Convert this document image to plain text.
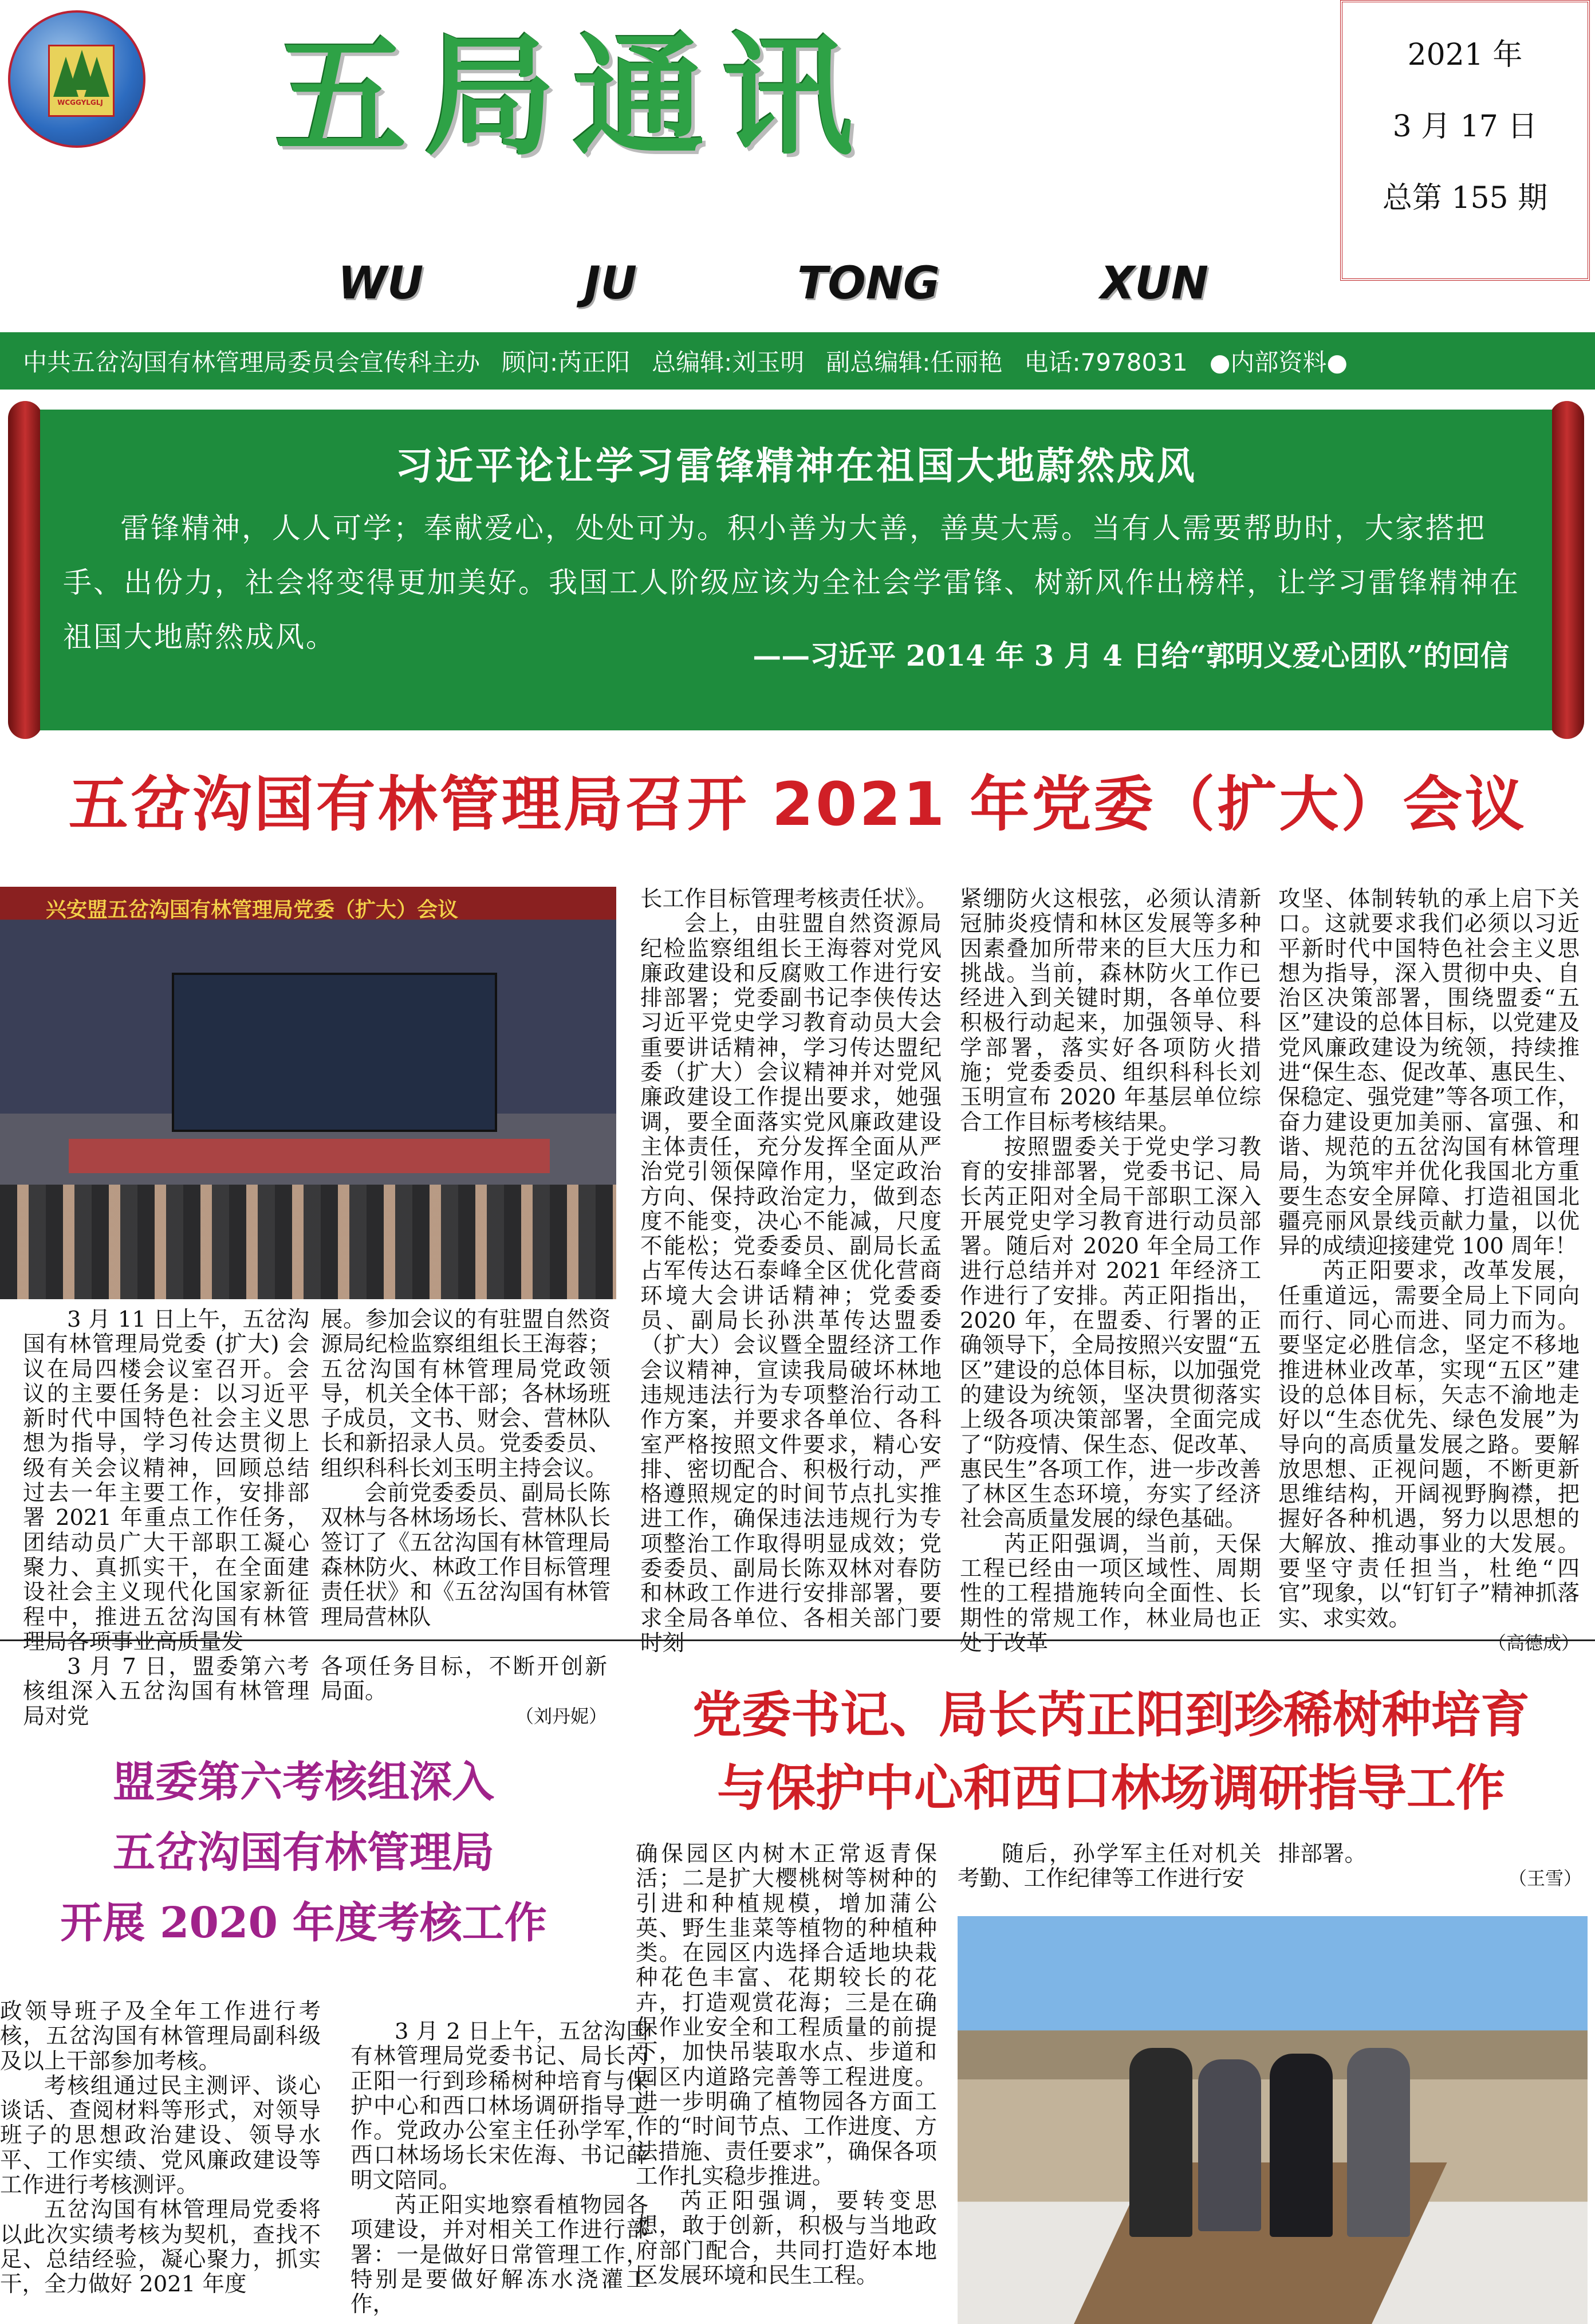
WCGGYLGLJ 五局通讯
WU	JU	TONG	XUN
2021 年
3 月 17 日
总第 155 期
中共五岔沟国有林管理局委员会宣传科主办 顾问:芮正阳 总编辑:刘玉明 副总编辑:任丽艳 电话:7978031 ●内部资料●
习近平论让学习雷锋精神在祖国大地蔚然成风
雷锋精神，人人可学；奉献爱心，处处可为。积小善为大善，善莫大焉。当有人需要帮助时，大家搭把手、出份力，社会将变得更加美好。我国工人阶级应该为全社会学雷锋、树新风作出榜样，让学习雷锋精神在祖国大地蔚然成风。
——习近平 2014 年 3 月 4 日给“郭明义爱心团队”的回信
五岔沟国有林管理局召开 2021 年党委（扩大）会议
兴安盟五岔沟国有林管理局党委（扩大）会议

3 月 11 日上午，五岔沟国有林管理局党委 (扩大) 会议在局四楼会议室召开。会议的主要任务是：以习近平新时代中国特色社会主义思想为指导，学习传达贯彻上级有关会议精神，回顾总结过去一年主要工作，安排部署 2021 年重点工作任务，团结动员广大干部职工凝心聚力、真抓实干，在全面建设社会主义现代化国家新征程中，推进五岔沟国有林管理局各项事业高质量发

长工作目标管理考核责任状》。

会上，由驻盟自然资源局纪检监察组组长王海蓉对党风廉政建设和反腐败工作进行安排部署；党委副书记李侠传达习近平党史学习教育动员大会重要讲话精神，学习传达盟纪委（扩大）会议精神并对党风廉政建设工作提出要求，她强调，要全面落实党风廉政建设主体责任，充分发挥全面从严治党引领保障作用，坚定政治方向、保持政治定力，做到态度不能变，决心不能减，尺度不能松；党委委员、副局长孟占军传达石泰峰全区优化营商环境大会讲话精神；党委委员、副局长孙洪革传达盟委（扩大）会议暨全盟经济工作会议精神，宣读我局破坏林地违规违法行为专项整治行动工作方案，并要求各单位、各科室严格按照文件要求，精心安排、密切配合、积极行动，严格遵照规定的时间节点扎实推进工作，确保违法违规行为专项整治工作取得明显成效；党委委员、副局长陈双林对春防和林政工作进行安排部署，要求全局各单位、各相关部门要时刻

紧绷防火这根弦，必须认清新冠肺炎疫情和林区发展等多种因素叠加所带来的巨大压力和挑战。当前，森林防火工作已经进入到关键时期，各单位要积极行动起来，加强领导、科学部署，落实好各项防火措施；党委委员、组织科科长刘玉明宣布 2020 年基层单位综合工作目标考核结果。

按照盟委关于党史学习教育的安排部署，党委书记、局长芮正阳对全局干部职工深入开展党史学习教育进行动员部署。随后对 2020 年全局工作进行总结并对 2021 年经济工作进行了安排。芮正阳指出，2020 年，在盟委、行署的正确领导下，全局按照兴安盟“五区”建设的总体目标，以加强党的建设为统领，坚决贯彻落实上级各项决策部署，全面完成了“防疫情、保生态、促改革、惠民生”各项工作，进一步改善了林区生态环境，夯实了经济社会高质量发展的绿色基础。

芮正阳强调，当前，天保工程已经由一项区域性、周期性的工程措施转向全面性、长期性的常规工作，林业局也正处于改革

攻坚、体制转轨的承上启下关口。这就要求我们必须以习近平新时代中国特色社会主义思想为指导，深入贯彻中央、自治区决策部署，围绕盟委“五区”建设的总体目标，以党建及党风廉政建设为统领，持续推进“保生态、促改革、惠民生、保稳定、强党建”等各项工作，奋力建设更加美丽、富强、和谐、规范的五岔沟国有林管理局，为筑牢并优化我国北方重要生态安全屏障、打造祖国北疆亮丽风景线贡献力量，以优异的成绩迎接建党 100 周年！

芮正阳要求，改革发展，任重道远，需要全局上下同向而行、同心而进、同力而为。要坚定必胜信念，坚定不移地推进林业改革，实现“五区”建设的总体目标，矢志不渝地走好以“生态优先、绿色发展”为导向的高质量发展之路。要解放思想、正视问题，不断更新思维结构，开阔视野胸襟，把握好各种机遇，努力以思想的大解放、推动事业的大发展。要坚守责任担当，杜绝“四官”现象，以“钉钉子”精神抓落实、求实效。

（高德成）

3 月 7 日，盟委第六考核组深入五岔沟国有林管理局对党

各项任务目标，不断开创新局面。

（刘丹妮）
盟委第六考核组深入
五岔沟国有林管理局
开展 2020 年度考核工作

政领导班子及全年工作进行考核，五岔沟国有林管理局副科级及以上干部参加考核。

考核组通过民主测评、谈心谈话、查阅材料等形式，对领导班子的思想政治建设、领导水平、工作实绩、党风廉政建设等工作进行考核测评。

五岔沟国有林管理局党委将以此次实绩考核为契机，查找不足、总结经验，凝心聚力，抓实干，全力做好 2021 年度

党委书记、局长芮正阳到珍稀树种培育
与保护中心和西口林场调研指导工作

3 月 2 日上午，五岔沟国有林管理局党委书记、局长芮正阳一行到珍稀树种培育与保护中心和西口林场调研指导工作。党政办公室主任孙学军，西口林场场长宋佐海、书记薛明文陪同。

芮正阳实地察看植物园各项建设，并对相关工作进行部署：一是做好日常管理工作，特别是要做好解冻水浇灌工作，

确保园区内树木正常返青保活；二是扩大樱桃树等树种的引进和种植规模，增加蒲公英、野生韭菜等植物的种植种类。在园区内选择合适地块栽种花色丰富、花期较长的花卉，打造观赏花海；三是在确保作业安全和工程质量的前提下，加快吊装取水点、步道和园区内道路完善等工程进度。进一步明确了植物园各方面工作的“时间节点、工作进度、方法措施、责任要求”，确保各项工作扎实稳步推进。

芮正阳强调，要转变思想，敢于创新，积极与当地政府部门配合，共同打造好本地区发展环境和民生工程。

随后，孙学军主任对机关考勤、工作纪律等工作进行安

排部署。

（王雪）

展。参加会议的有驻盟自然资源局纪检监察组组长王海蓉；五岔沟国有林管理局党政领导，机关全体干部；各林场班子成员，文书、财会、营林队长和新招录人员。党委委员、组织科科长刘玉明主持会议。

会前党委委员、副局长陈双林与各林场场长、营林队长签订了《五岔沟国有林管理局森林防火、林政工作目标管理责任状》和《五岔沟国有林管理局营林队
